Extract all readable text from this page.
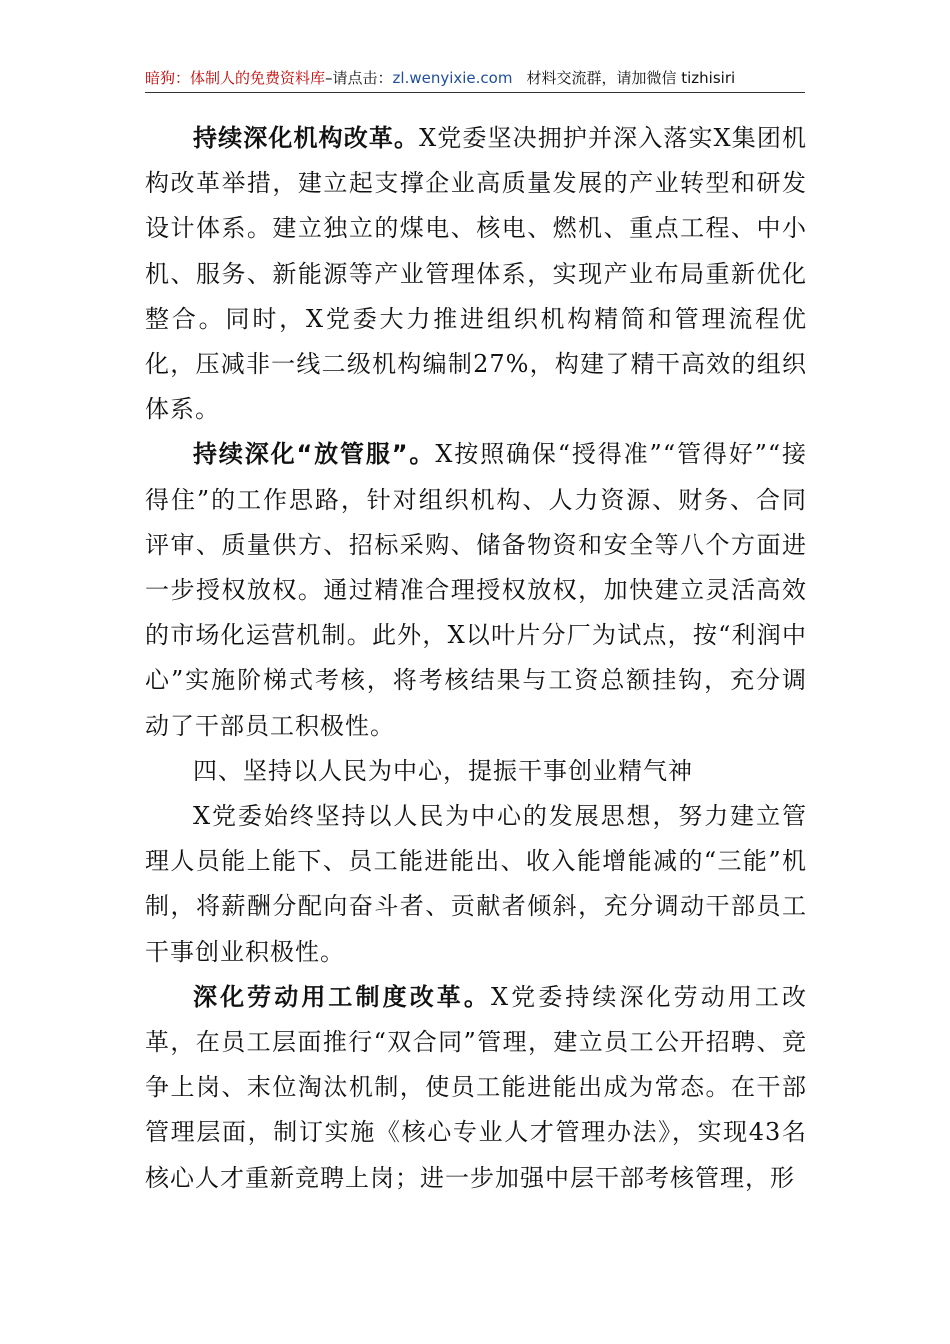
暗狗：体制人的免费资料库–请点击：zl.wenyixie.com 材料交流群，请加微信 tizhisiri

持续深化机构改革。X党委坚决拥护并深入落实X集团机构改革举措，建立起支撑企业高质量发展的产业转型和研发设计体系。建立独立的煤电、核电、燃机、重点工程、中小机、服务、新能源等产业管理体系，实现产业布局重新优化整合。同时，X党委大力推进组织机构精简和管理流程优化，压减非一线二级机构编制27%，构建了精干高效的组织体系。

持续深化“放管服”。X按照确保“授得准”“管得好”“接得住”的工作思路，针对组织机构、人力资源、财务、合同评审、质量供方、招标采购、储备物资和安全等八个方面进一步授权放权。通过精准合理授权放权，加快建立灵活高效的市场化运营机制。此外，X以叶片分厂为试点，按“利润中心”实施阶梯式考核，将考核结果与工资总额挂钩，充分调动了干部员工积极性。

四、坚持以人民为中心，提振干事创业精气神

X党委始终坚持以人民为中心的发展思想，努力建立管理人员能上能下、员工能进能出、收入能增能减的“三能”机制，将薪酬分配向奋斗者、贡献者倾斜，充分调动干部员工干事创业积极性。

深化劳动用工制度改革。X党委持续深化劳动用工改革，在员工层面推行“双合同”管理，建立员工公开招聘、竞争上岗、末位淘汰机制，使员工能进能出成为常态。在干部管理层面，制订实施《核心专业人才管理办法》，实现43名核心人才重新竞聘上岗；进一步加强中层干部考核管理，形
